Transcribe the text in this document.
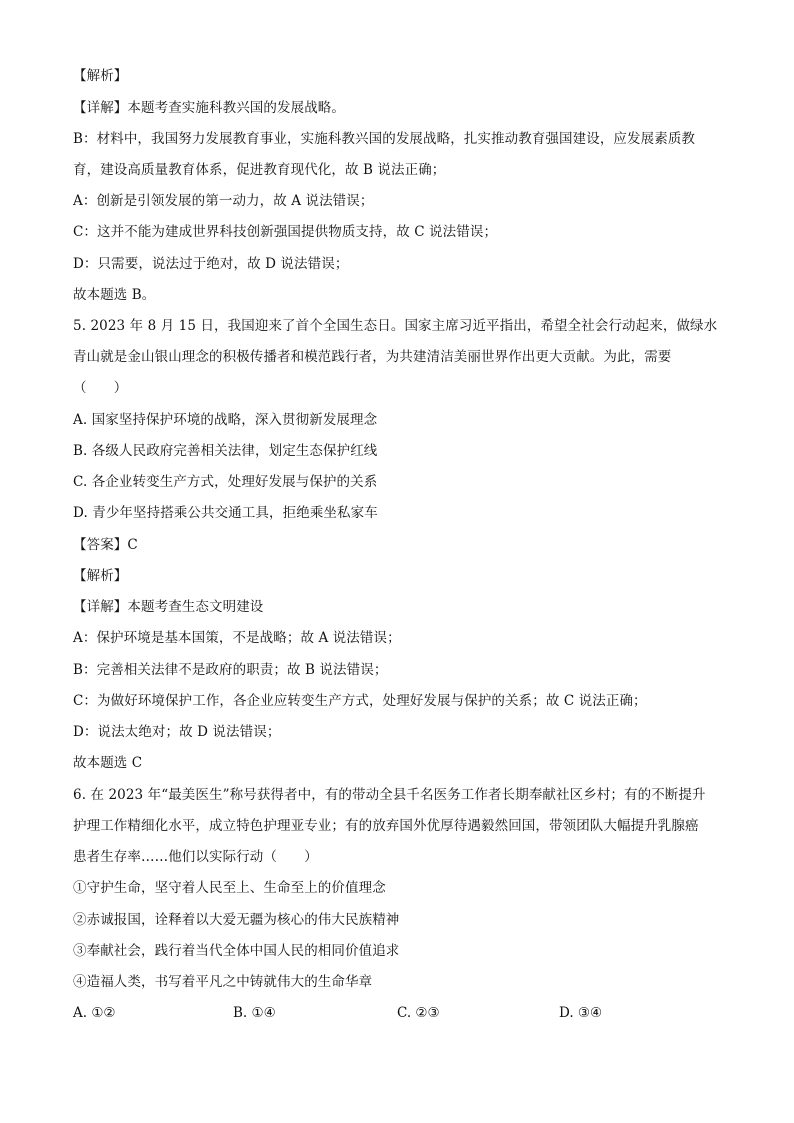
【解析】
【详解】本题考查实施科教兴国的发展战略。
B：材料中，我国努力发展教育事业，实施科教兴国的发展战略，扎实推动教育强国建设，应发展素质教
育，建设高质量教育体系，促进教育现代化，故 B 说法正确；
A：创新是引领发展的第一动力，故 A 说法错误；
C：这并不能为建成世界科技创新强国提供物质支持，故 C 说法错误；
D：只需要，说法过于绝对，故 D 说法错误；
故本题选 B。
5. 2023 年 8 月 15 日，我国迎来了首个全国生态日。国家主席习近平指出，希望全社会行动起来，做绿水
青山就是金山银山理念的积极传播者和模范践行者，为共建清洁美丽世界作出更大贡献。为此，需要
（　　）
A. 国家坚持保护环境的战略，深入贯彻新发展理念
B. 各级人民政府完善相关法律，划定生态保护红线
C. 各企业转变生产方式，处理好发展与保护的关系
D. 青少年坚持搭乘公共交通工具，拒绝乘坐私家车
【答案】C
【解析】
【详解】本题考查生态文明建设
A：保护环境是基本国策，不是战略；故 A 说法错误；
B：完善相关法律不是政府的职责；故 B 说法错误；
C：为做好环境保护工作，各企业应转变生产方式，处理好发展与保护的关系；故 C 说法正确；
D：说法太绝对；故 D 说法错误；
故本题选 C
6. 在 2023 年“最美医生”称号获得者中，有的带动全县千名医务工作者长期奉献社区乡村；有的不断提升
护理工作精细化水平，成立特色护理亚专业；有的放弃国外优厚待遇毅然回国，带领团队大幅提升乳腺癌
患者生存率……他们以实际行动（　　）
①守护生命，坚守着人民至上、生命至上的价值理念
②赤诚报国，诠释着以大爱无疆为核心的伟大民族精神
③奉献社会，践行着当代全体中国人民的相同价值追求
④造福人类，书写着平凡之中铸就伟大的生命华章
A. ①②	B. ①④	C. ②③	D. ③④
